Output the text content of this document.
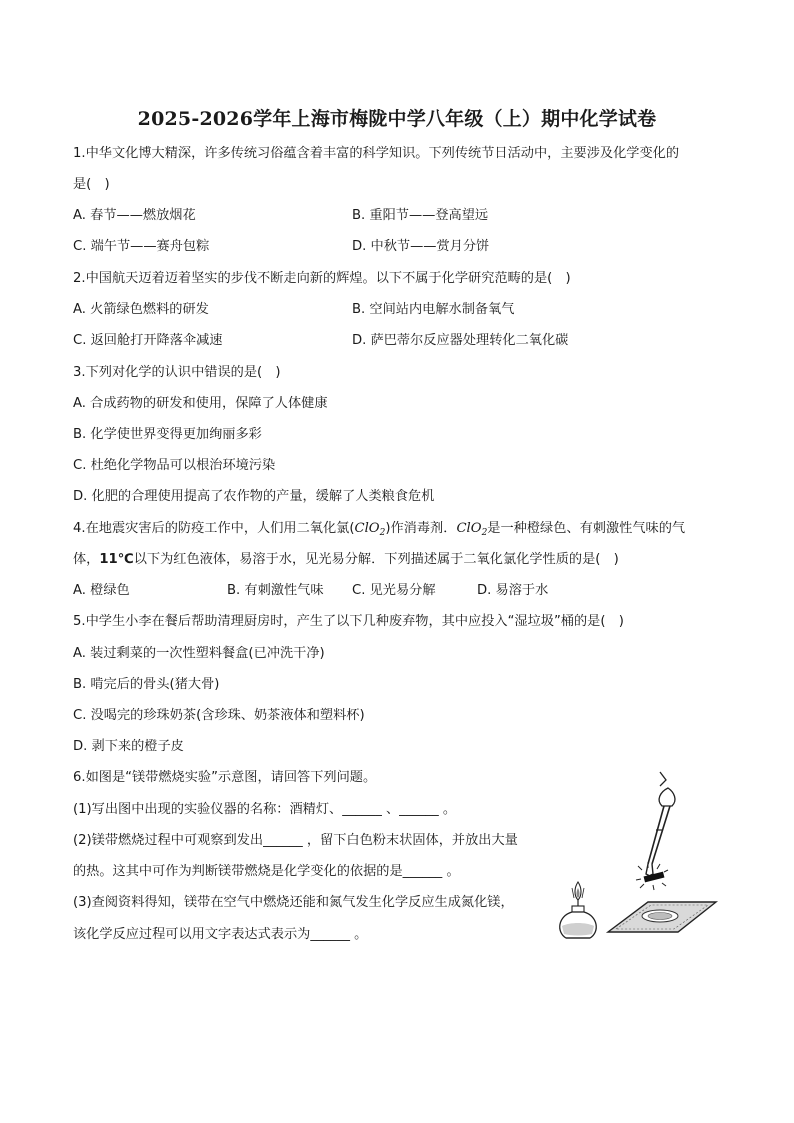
2025-2026学年上海市梅陇中学八年级（上）期中化学试卷
1.中华文化博大精深，许多传统习俗蕴含着丰富的科学知识。下列传统节日活动中，主要涉及化学变化的
是(　)
A. 春节——燃放烟花	B. 重阳节——登高望远
C. 端午节——赛舟包粽	D. 中秋节——赏月分饼
2.中国航天迈着迈着坚实的步伐不断走向新的辉煌。以下不属于化学研究范畴的是(　)
A. 火箭绿色燃料的研发	B. 空间站内电解水制备氧气
C. 返回舱打开降落伞减速	D. 萨巴蒂尔反应器处理转化二氧化碳
3.下列对化学的认识中错误的是(　)
A. 合成药物的研发和使用，保障了人体健康
B. 化学使世界变得更加绚丽多彩
C. 杜绝化学物品可以根治环境污染
D. 化肥的合理使用提高了农作物的产量，缓解了人类粮食危机
4.在地震灾害后的防疫工作中，人们用二氧化氯(ClO$_2$)作消毒剂．ClO$_2$是一种橙绿色、有刺激性气味的气
体，11℃以下为红色液体，易溶于水，见光易分解．下列描述属于二氧化氯化学性质的是(　)
A. 橙绿色	B. 有刺激性气味 C. 见光易分解	D. 易溶于水
5.中学生小李在餐后帮助清理厨房时，产生了以下几种废弃物，其中应投入“湿垃圾”桶的是(　)
A. 装过剩菜的一次性塑料餐盒(已冲洗干净)
B. 啃完后的骨头(猪大骨)
C. 没喝完的珍珠奶茶(含珍珠、奶茶液体和塑料杯)
D. 剥下来的橙子皮
6.如图是“镁带燃烧实验”示意图，请回答下列问题。
(1)写出图中出现的实验仪器的名称：酒精灯、______ 、______ 。
(2)镁带燃烧过程中可观察到发出______ ，留下白色粉末状固体，并放出大量
的热。这其中可作为判断镁带燃烧是化学变化的依据的是______ 。
(3)查阅资料得知，镁带在空气中燃烧还能和氮气发生化学反应生成氮化镁，
该化学反应过程可以用文字表达式表示为______ 。
